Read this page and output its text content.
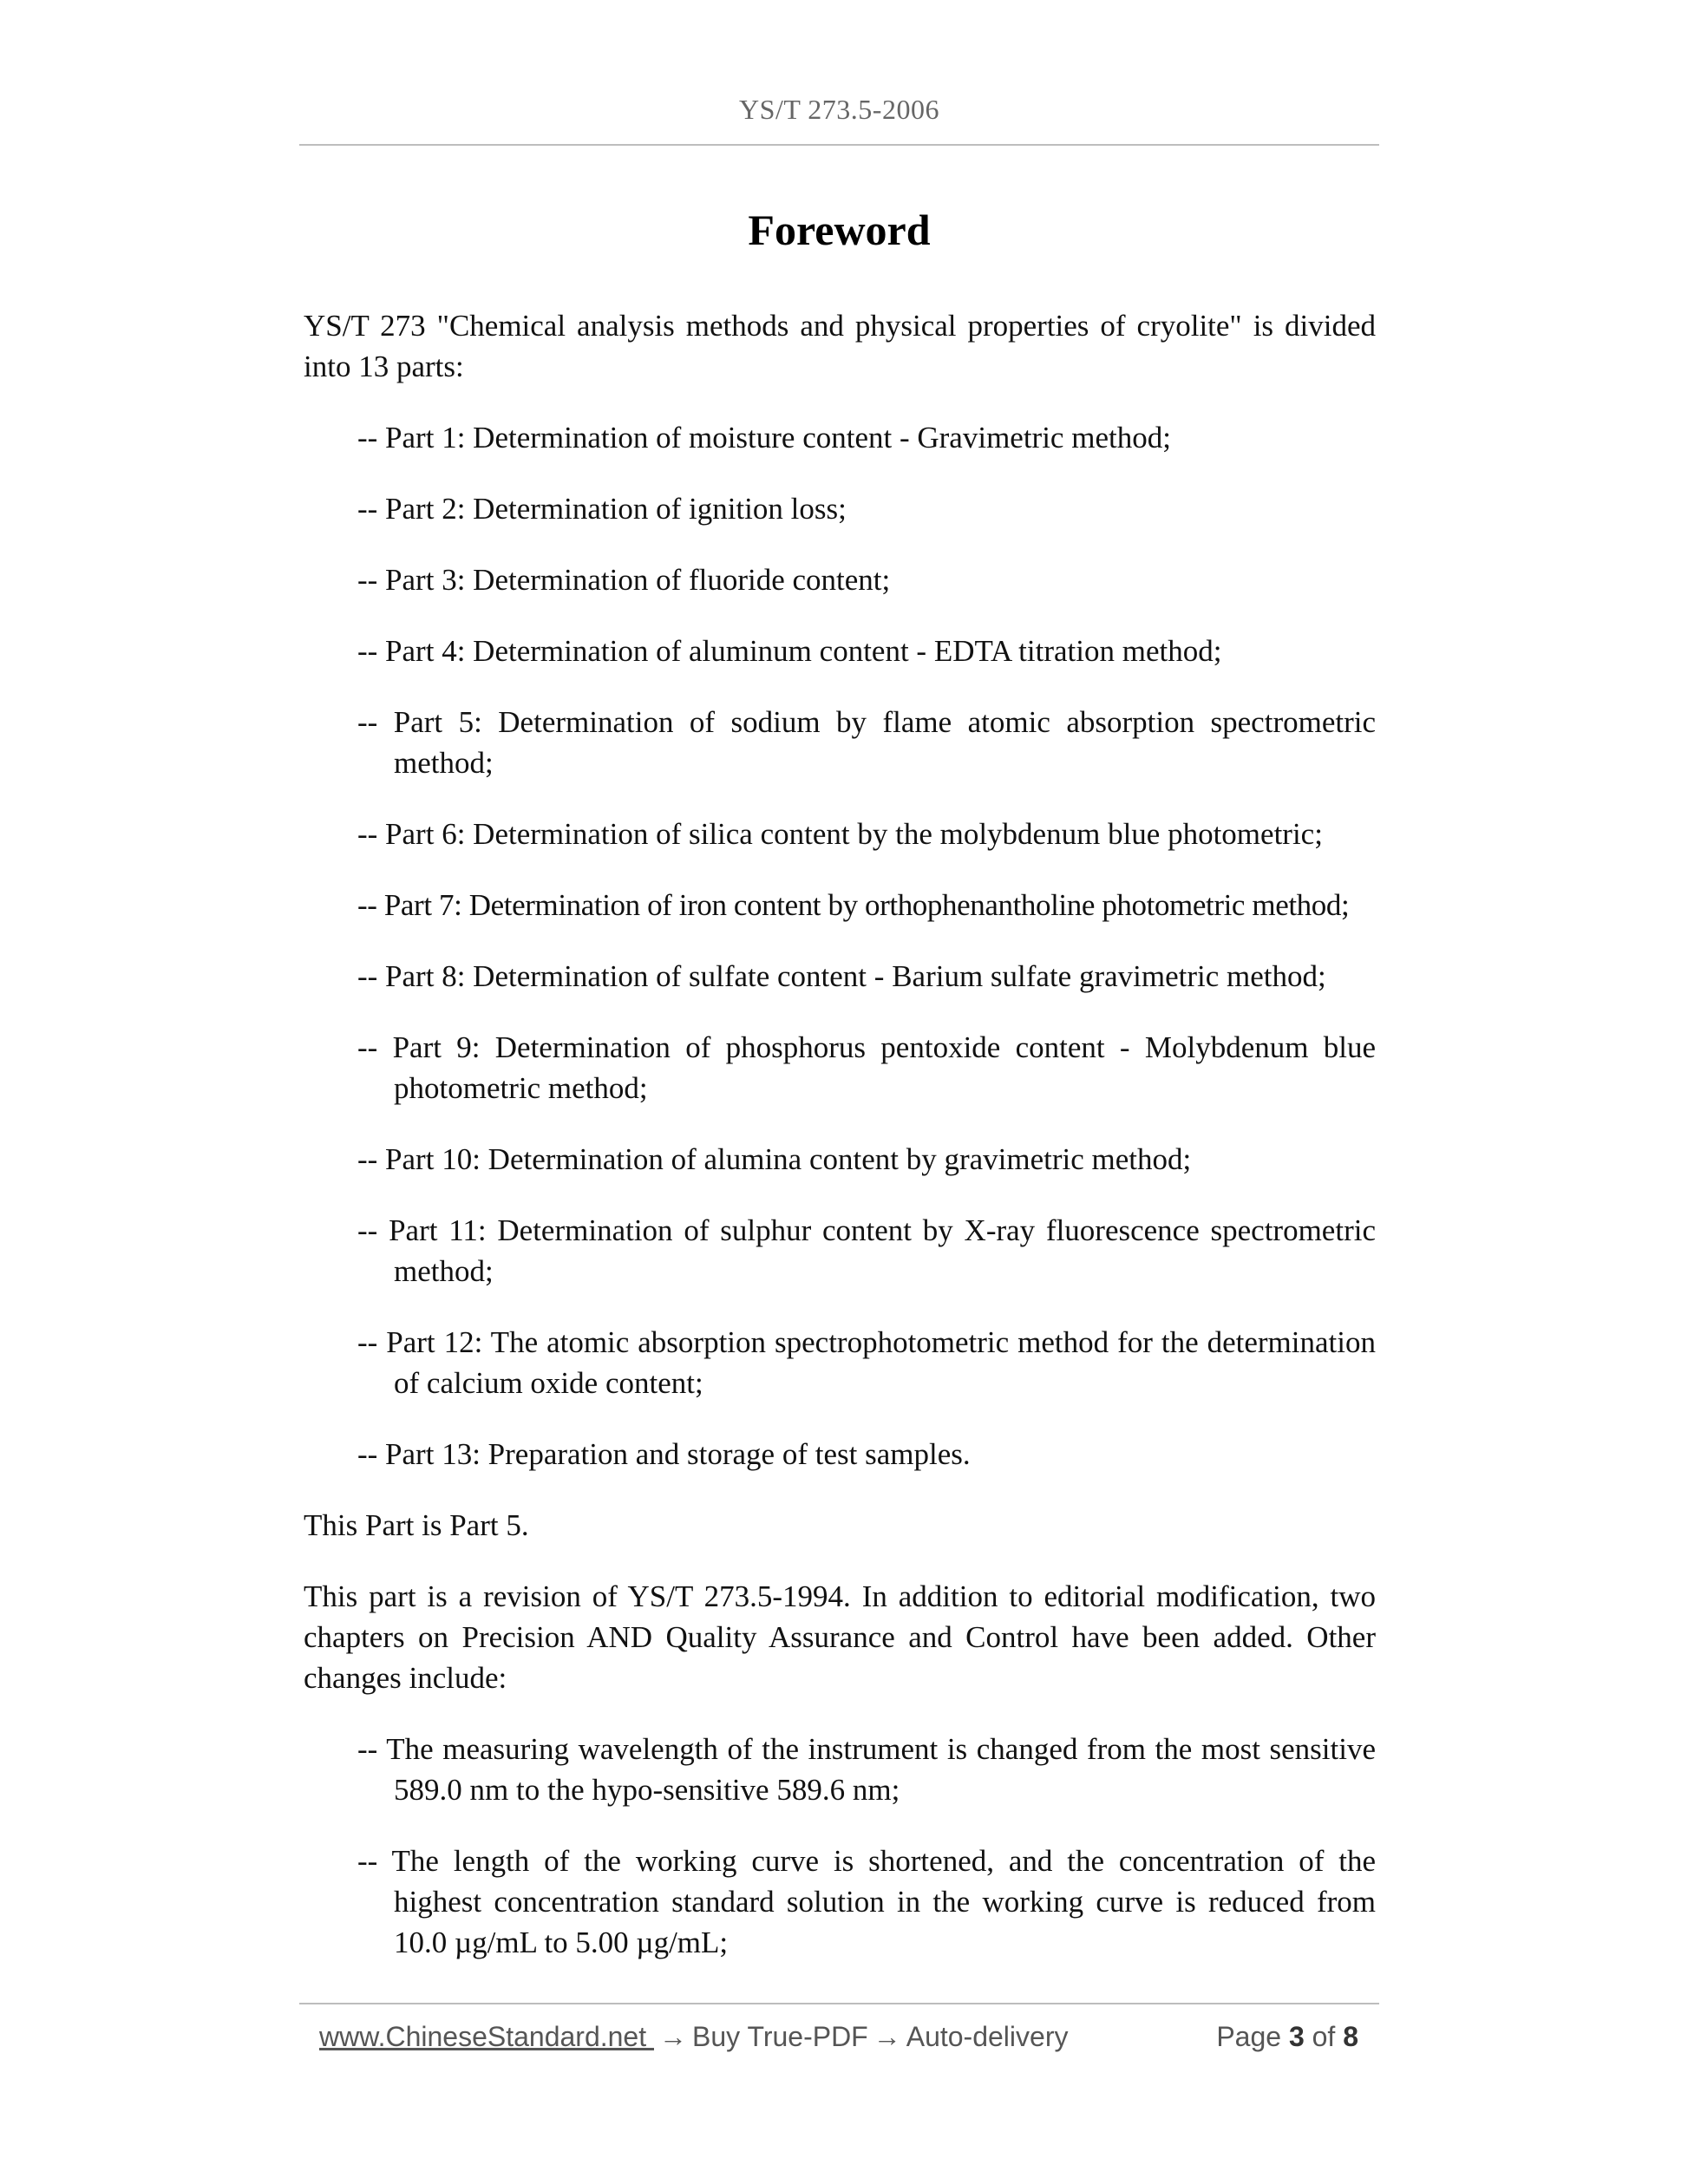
YS/T 273.5-2006
Foreword

YS/T 273 "Chemical analysis methods and physical properties of cryolite" is divided into 13 parts:

-- Part 1: Determination of moisture content - Gravimetric method;

-- Part 2: Determination of ignition loss;

-- Part 3: Determination of fluoride content;

-- Part 4: Determination of aluminum content - EDTA titration method;

-- Part 5: Determination of sodium by flame atomic absorption spectrometric method;

-- Part 6: Determination of silica content by the molybdenum blue photometric;

-- Part 7: Determination of iron content by orthophenantholine photometric method;

-- Part 8: Determination of sulfate content - Barium sulfate gravimetric method;

-- Part 9: Determination of phosphorus pentoxide content - Molybdenum blue photometric method;

-- Part 10: Determination of alumina content by gravimetric method;

-- Part 11: Determination of sulphur content by X-ray fluorescence spectrometric method;

-- Part 12: The atomic absorption spectrophotometric method for the determination of calcium oxide content;

-- Part 13: Preparation and storage of test samples.

This Part is Part 5.

This part is a revision of YS/T 273.5-1994. In addition to editorial modification, two chapters on Precision AND Quality Assurance and Control have been added. Other changes include:

-- The measuring wavelength of the instrument is changed from the most sensitive 589.0 nm to the hypo-sensitive 589.6 nm;

-- The length of the working curve is shortened, and the concentration of the highest concentration standard solution in the working curve is reduced from 10.0 µg/mL to 5.00 µg/mL;

www.ChineseStandard.net → Buy True-PDF → Auto-delivery	Page 3 of 8
